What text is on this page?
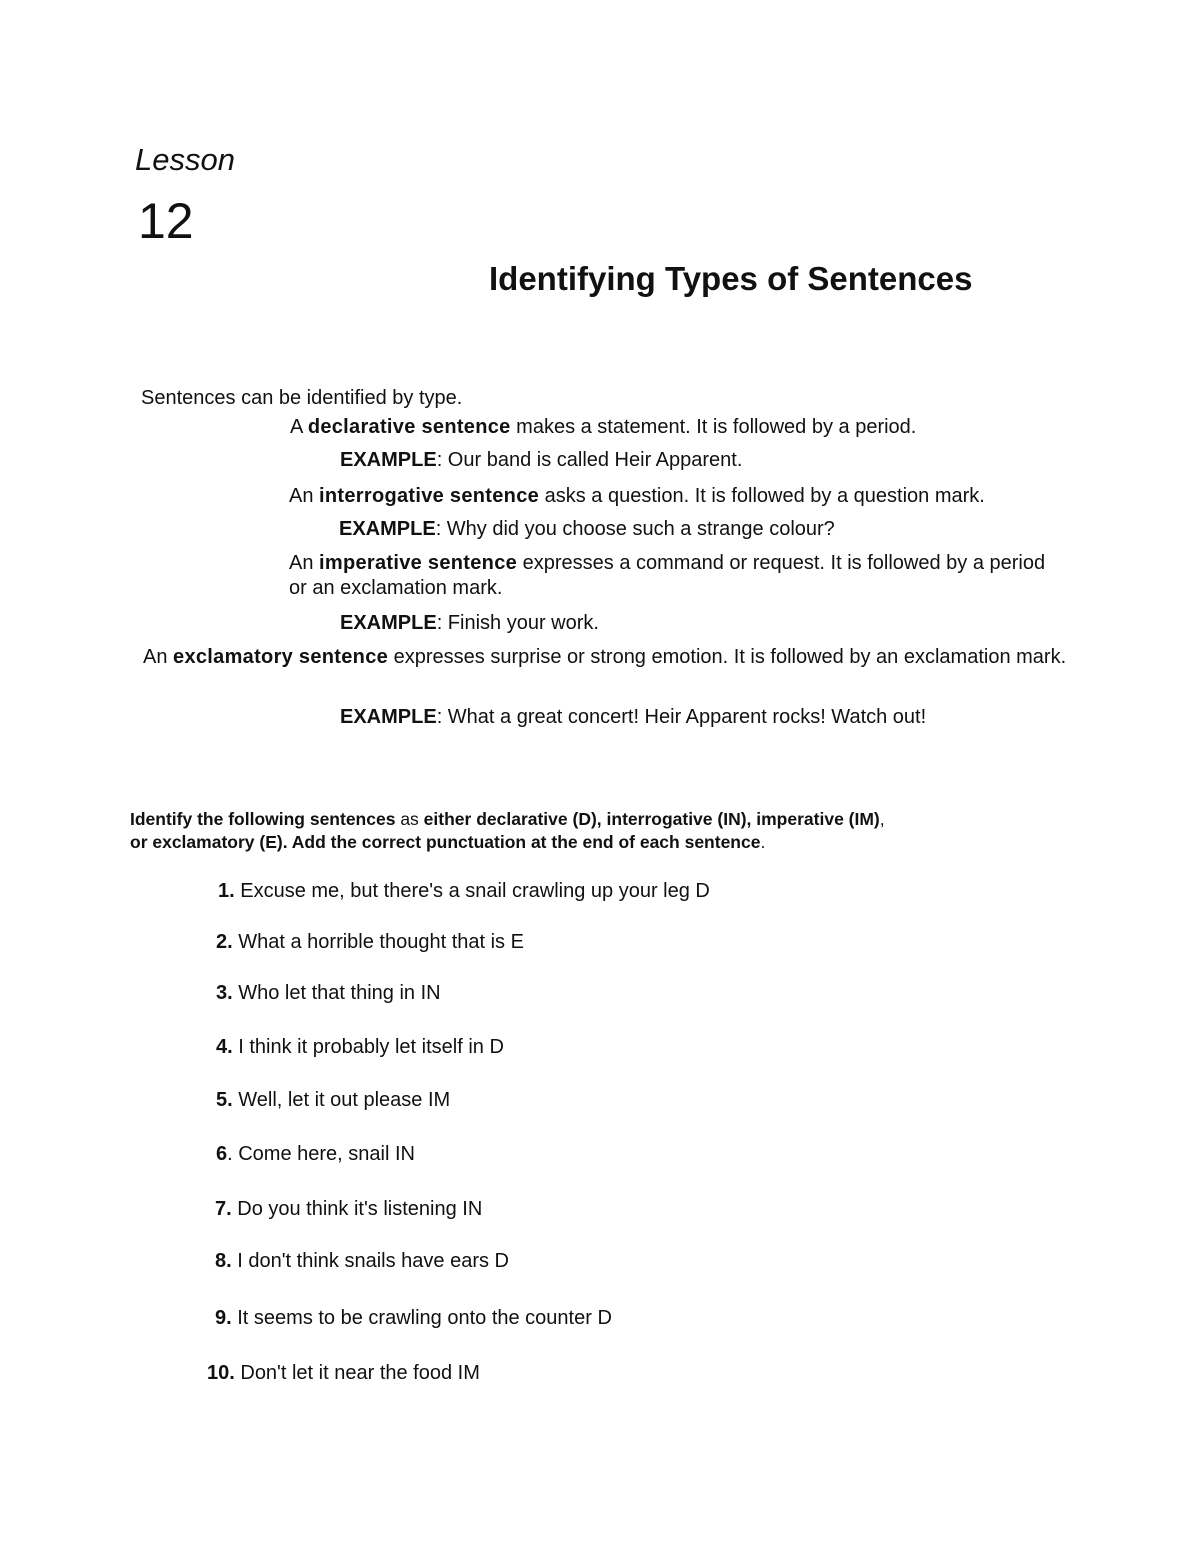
Lesson
12
Identifying Types of Sentences
Sentences can be identified by type.
A declarative sentence makes a statement. It is followed by a period.
EXAMPLE: Our band is called Heir Apparent.
An interrogative sentence asks a question. It is followed by a question mark.
EXAMPLE: Why did you choose such a strange colour?
An imperative sentence expresses a command or request. It is followed by a period or an exclamation mark.
EXAMPLE: Finish your work.
An exclamatory sentence expresses surprise or strong emotion. It is followed by an exclamation mark.
EXAMPLE: What a great concert! Heir Apparent rocks! Watch out!
Identify the following sentences as either declarative (D), interrogative (IN), imperative (IM),
or exclamatory (E). Add the correct punctuation at the end of each sentence.
1. Excuse me, but there's a snail crawling up your leg D
2. What a horrible thought that is E
3. Who let that thing in IN
4. I think it probably let itself in D
5. Well, let it out please IM
6. Come here, snail IN
7. Do you think it's listening IN
8. I don't think snails have ears D
9. It seems to be crawling onto the counter D
10. Don't let it near the food IM
